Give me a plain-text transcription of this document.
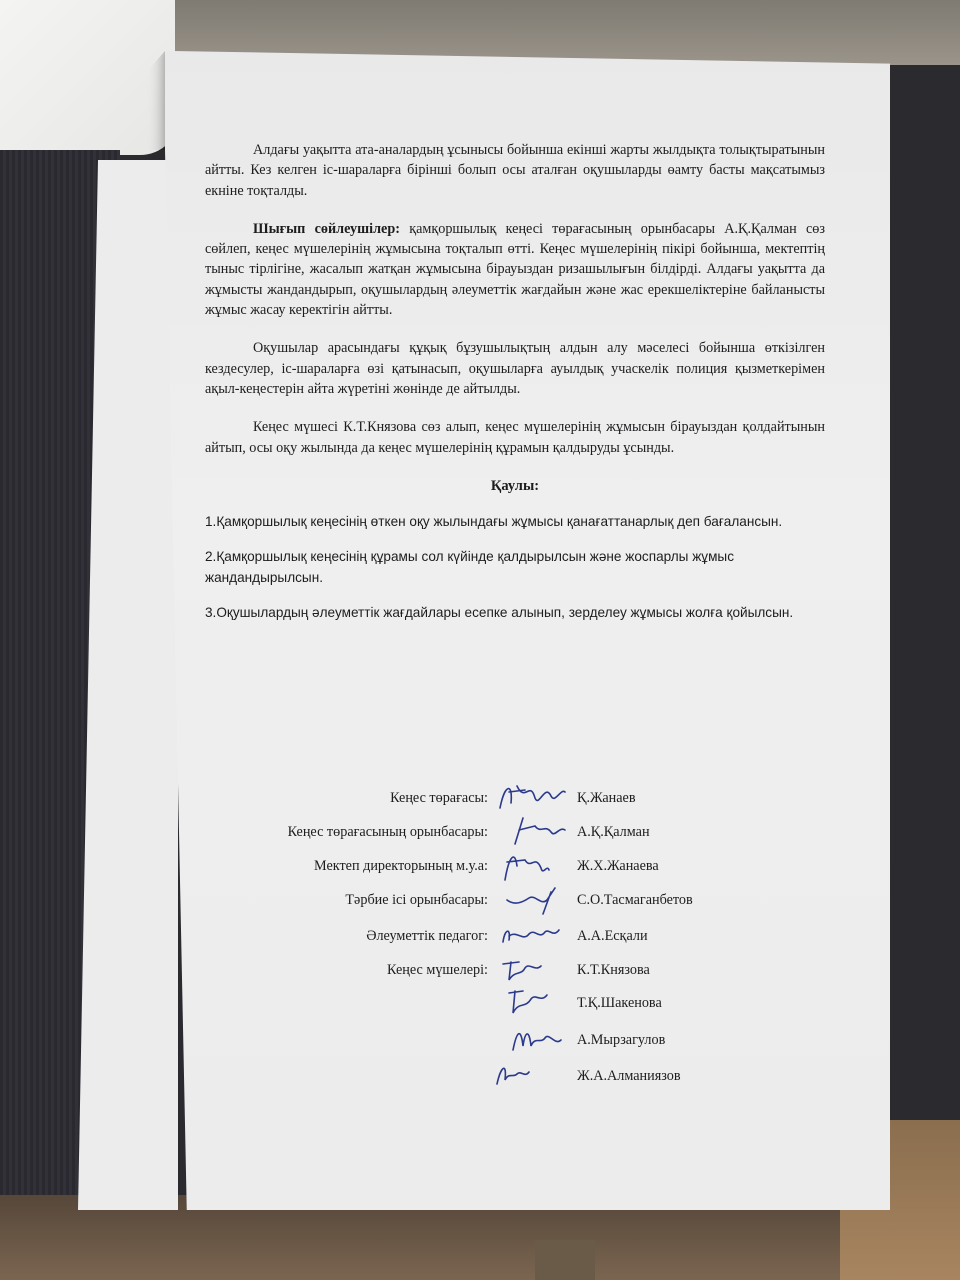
Алдағы уақытта ата-аналардың ұсынысы бойынша екінші жарты жылдықта толықтыратынын айтты. Кез келген іс-шараларға бірінші болып осы аталған оқушыларды өамту басты мақсатымыз екніне тоқталды.

Шығып сөйлеушілер: қамқоршылық кеңесі төрағасының орынбасары А.Қ.Қалман сөз сөйлеп, кеңес мүшелерінің жұмысына тоқталып өтті. Кеңес мүшелерінің пікірі бойынша, мектептің тыныс тірлігіне, жасалып жатқан жұмысына бірауыздан ризашылығын білдірді. Алдағы уақытта да жұмысты жандандырып, оқушылардың әлеуметтік жағдайын және жас ерекшеліктеріне байланысты жұмыс жасау керектігін айтты.

Оқушылар арасындағы құқық бұзушылықтың алдын алу мәселесі бойынша өткізілген кездесулер, іс-шараларға өзі қатынасып, оқушыларға ауылдық учаскелік полиция қызметкерімен ақыл-кеңестерін айта жүретіні жөнінде де айтылды.

Кеңес мүшесі К.Т.Князова сөз алып, кеңес мүшелерінің жұмысын бірауыздан қолдайтынын айтып, осы оқу жылында да кеңес мүшелерінің құрамын қалдыруды ұсынды.

Қаулы:

1.Қамқоршылық кеңесінің өткен оқу жылындағы жұмысы қанағаттанарлық деп бағалансын.

2.Қамқоршылық кеңесінің құрамы сол күйінде қалдырылсын және жоспарлы жұмыс жандандырылсын.

3.Оқушылардың әлеуметтік жағдайлары есепке алынып, зерделеу жұмысы жолға қойылсын.

Кеңес төрағасы:	Қ.Жанаев
Кеңес төрағасының орынбасары:	А.Қ.Қалман
Мектеп директорының м.у.а:	Ж.Х.Жанаева
Тәрбие ісі орынбасары:	С.О.Тасмаганбетов
Әлеуметтік педагог:	А.А.Есқали
Кеңес мүшелері:	К.Т.Князова
Т.Қ.Шакенова
А.Мырзагулов
Ж.А.Алманиязов
